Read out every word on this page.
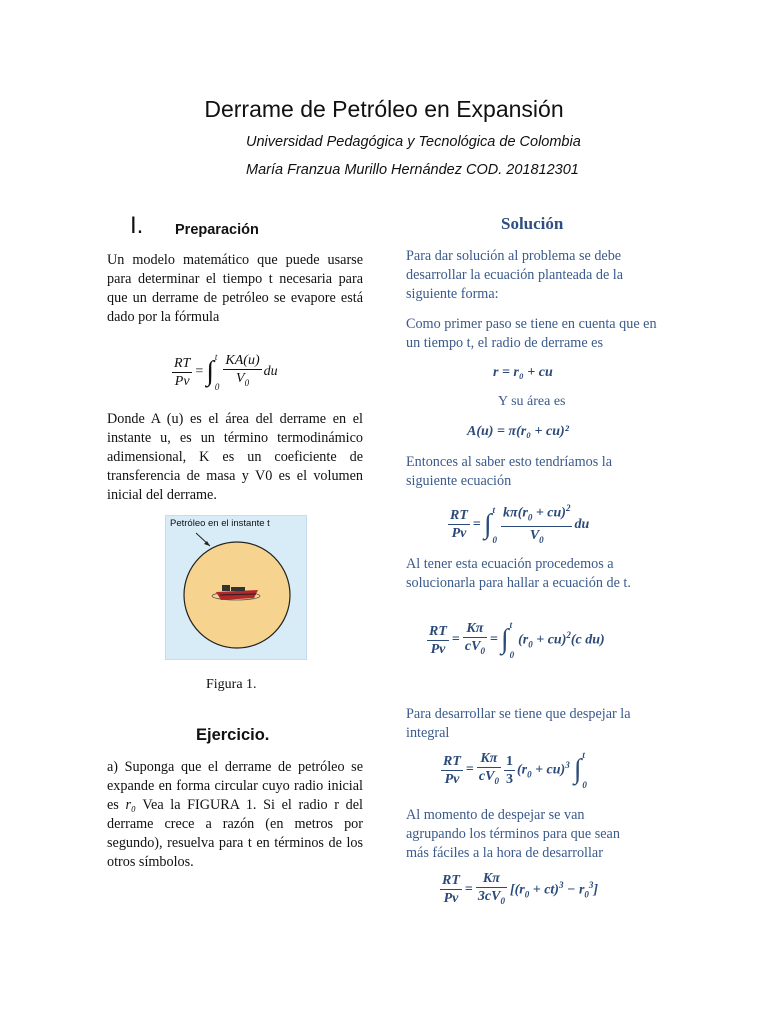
Derrame de Petróleo en Expansión
Universidad Pedagógica y Tecnológica de Colombia
María Franzua Murillo Hernández COD. 201812301
I. Preparación
Un modelo matemático que puede usarse para determinar el tiempo t necesaria para que un derrame de petróleo se evapore está dado por la fórmula
$\frac{RT}{Pv}$ = ∫ t
$0 \frac{KA(u)}{V_0}$ du
Donde A (u) es el área del derrame en el instante u, es un término termodinámico adimensional, K es un coeficiente de transferencia de masa y V0 es el volumen inicial del derrame.
Petróleo en el instante t
Figura 1.
Ejercicio.
a) Suponga que el derrame de petróleo se expande en forma circular cuyo radio inicial es r₀ Vea la FIGURA 1. Si el radio r del derrame crece a razón (en metros por segundo), resuelva para t en términos de los otros símbolos.
Solución
Para dar solución al problema se debe desarrollar la ecuación planteada de la siguiente forma:
Como primer paso se tiene en cuenta que en un tiempo t, el radio de derrame es
r = r₀ + cu
Y su área es
A(u) = π(r₀ + cu)²
Entonces al saber esto tendríamos la siguiente ecuación
$\frac{RT}{Pv}$ = ∫ t
$0 \frac{k\pi(r_0 + cu)^2}{V_0}$ du
Al tener esta ecuación procedemos a solucionarla para hallar a ecuación de t.
$\frac{RT}{Pv} = \frac{K\pi}{cV_0}$ = ∫ t
0
$(r_0 + cu)^2(c$ du)
Para desarrollar se tiene que despejar la integral
$\frac{RT}{Pv} = \frac{K\pi}{cV_0} \frac{1}{3} (r_0 + cu)^3$ ∫ t
0
Al momento de despejar se van agrupando los términos para que sean más fáciles a la hora de desarrollar
$\frac{RT}{Pv} = \frac{K\pi}{3cV_0} [(r_0 + ct)^3 - r_0^3]$
